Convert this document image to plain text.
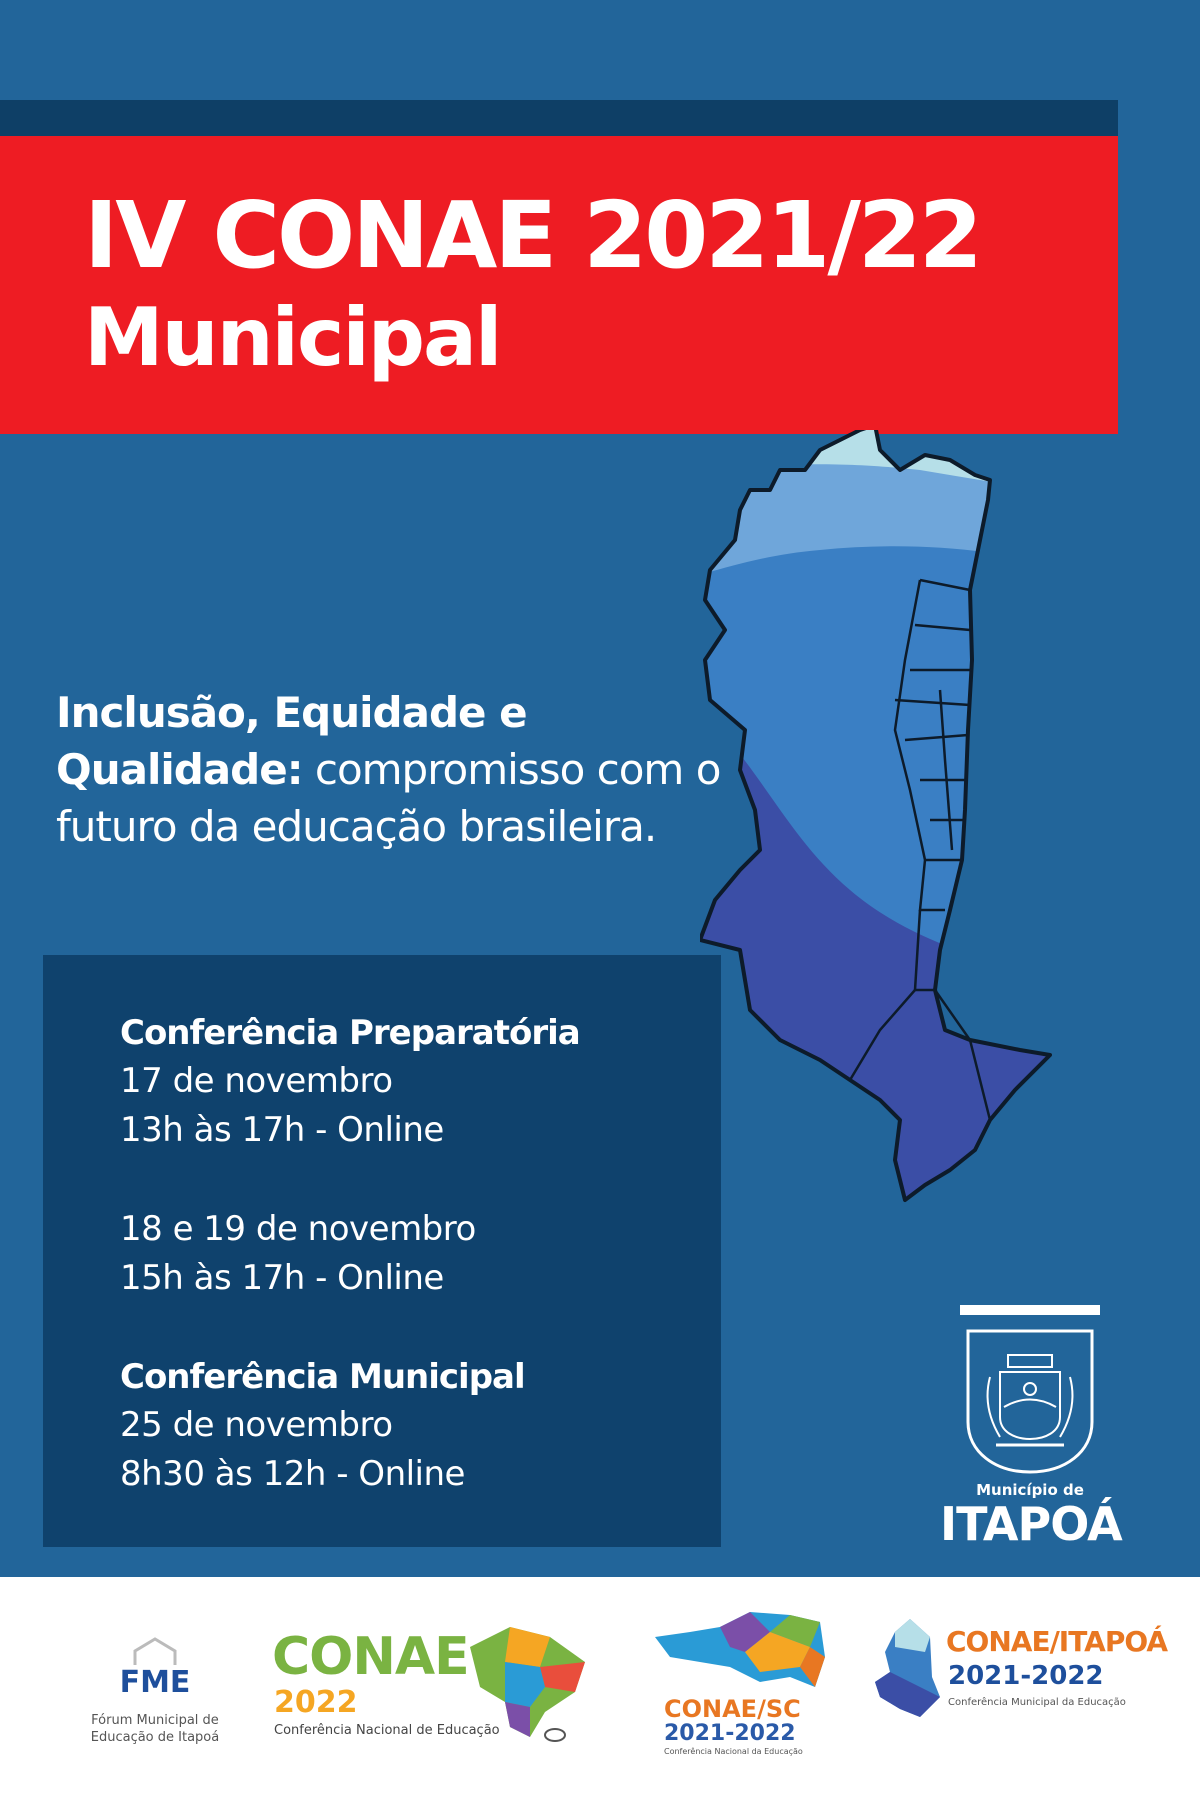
IV CONAE 2021/22
Municipal
Inclusão, Equidade e Qualidade: compromisso com o futuro da educação brasileira.
Conferência Preparatória
17 de novembro
13h às 17h - Online
18 e 19 de novembro
15h às 17h - Online
Conferência Municipal
25 de novembro
8h30 às 12h - Online	Município de
ITAPOÁ
FME
Fórum Municipal de
Educação de Itapoá
CONAE
2022
Conferência Nacional de Educação
CONAE/SC
2021-2022
Conferência Nacional da Educação
CONAE/ITAPOÁ
2021-2022
Conferência Municipal da Educação
